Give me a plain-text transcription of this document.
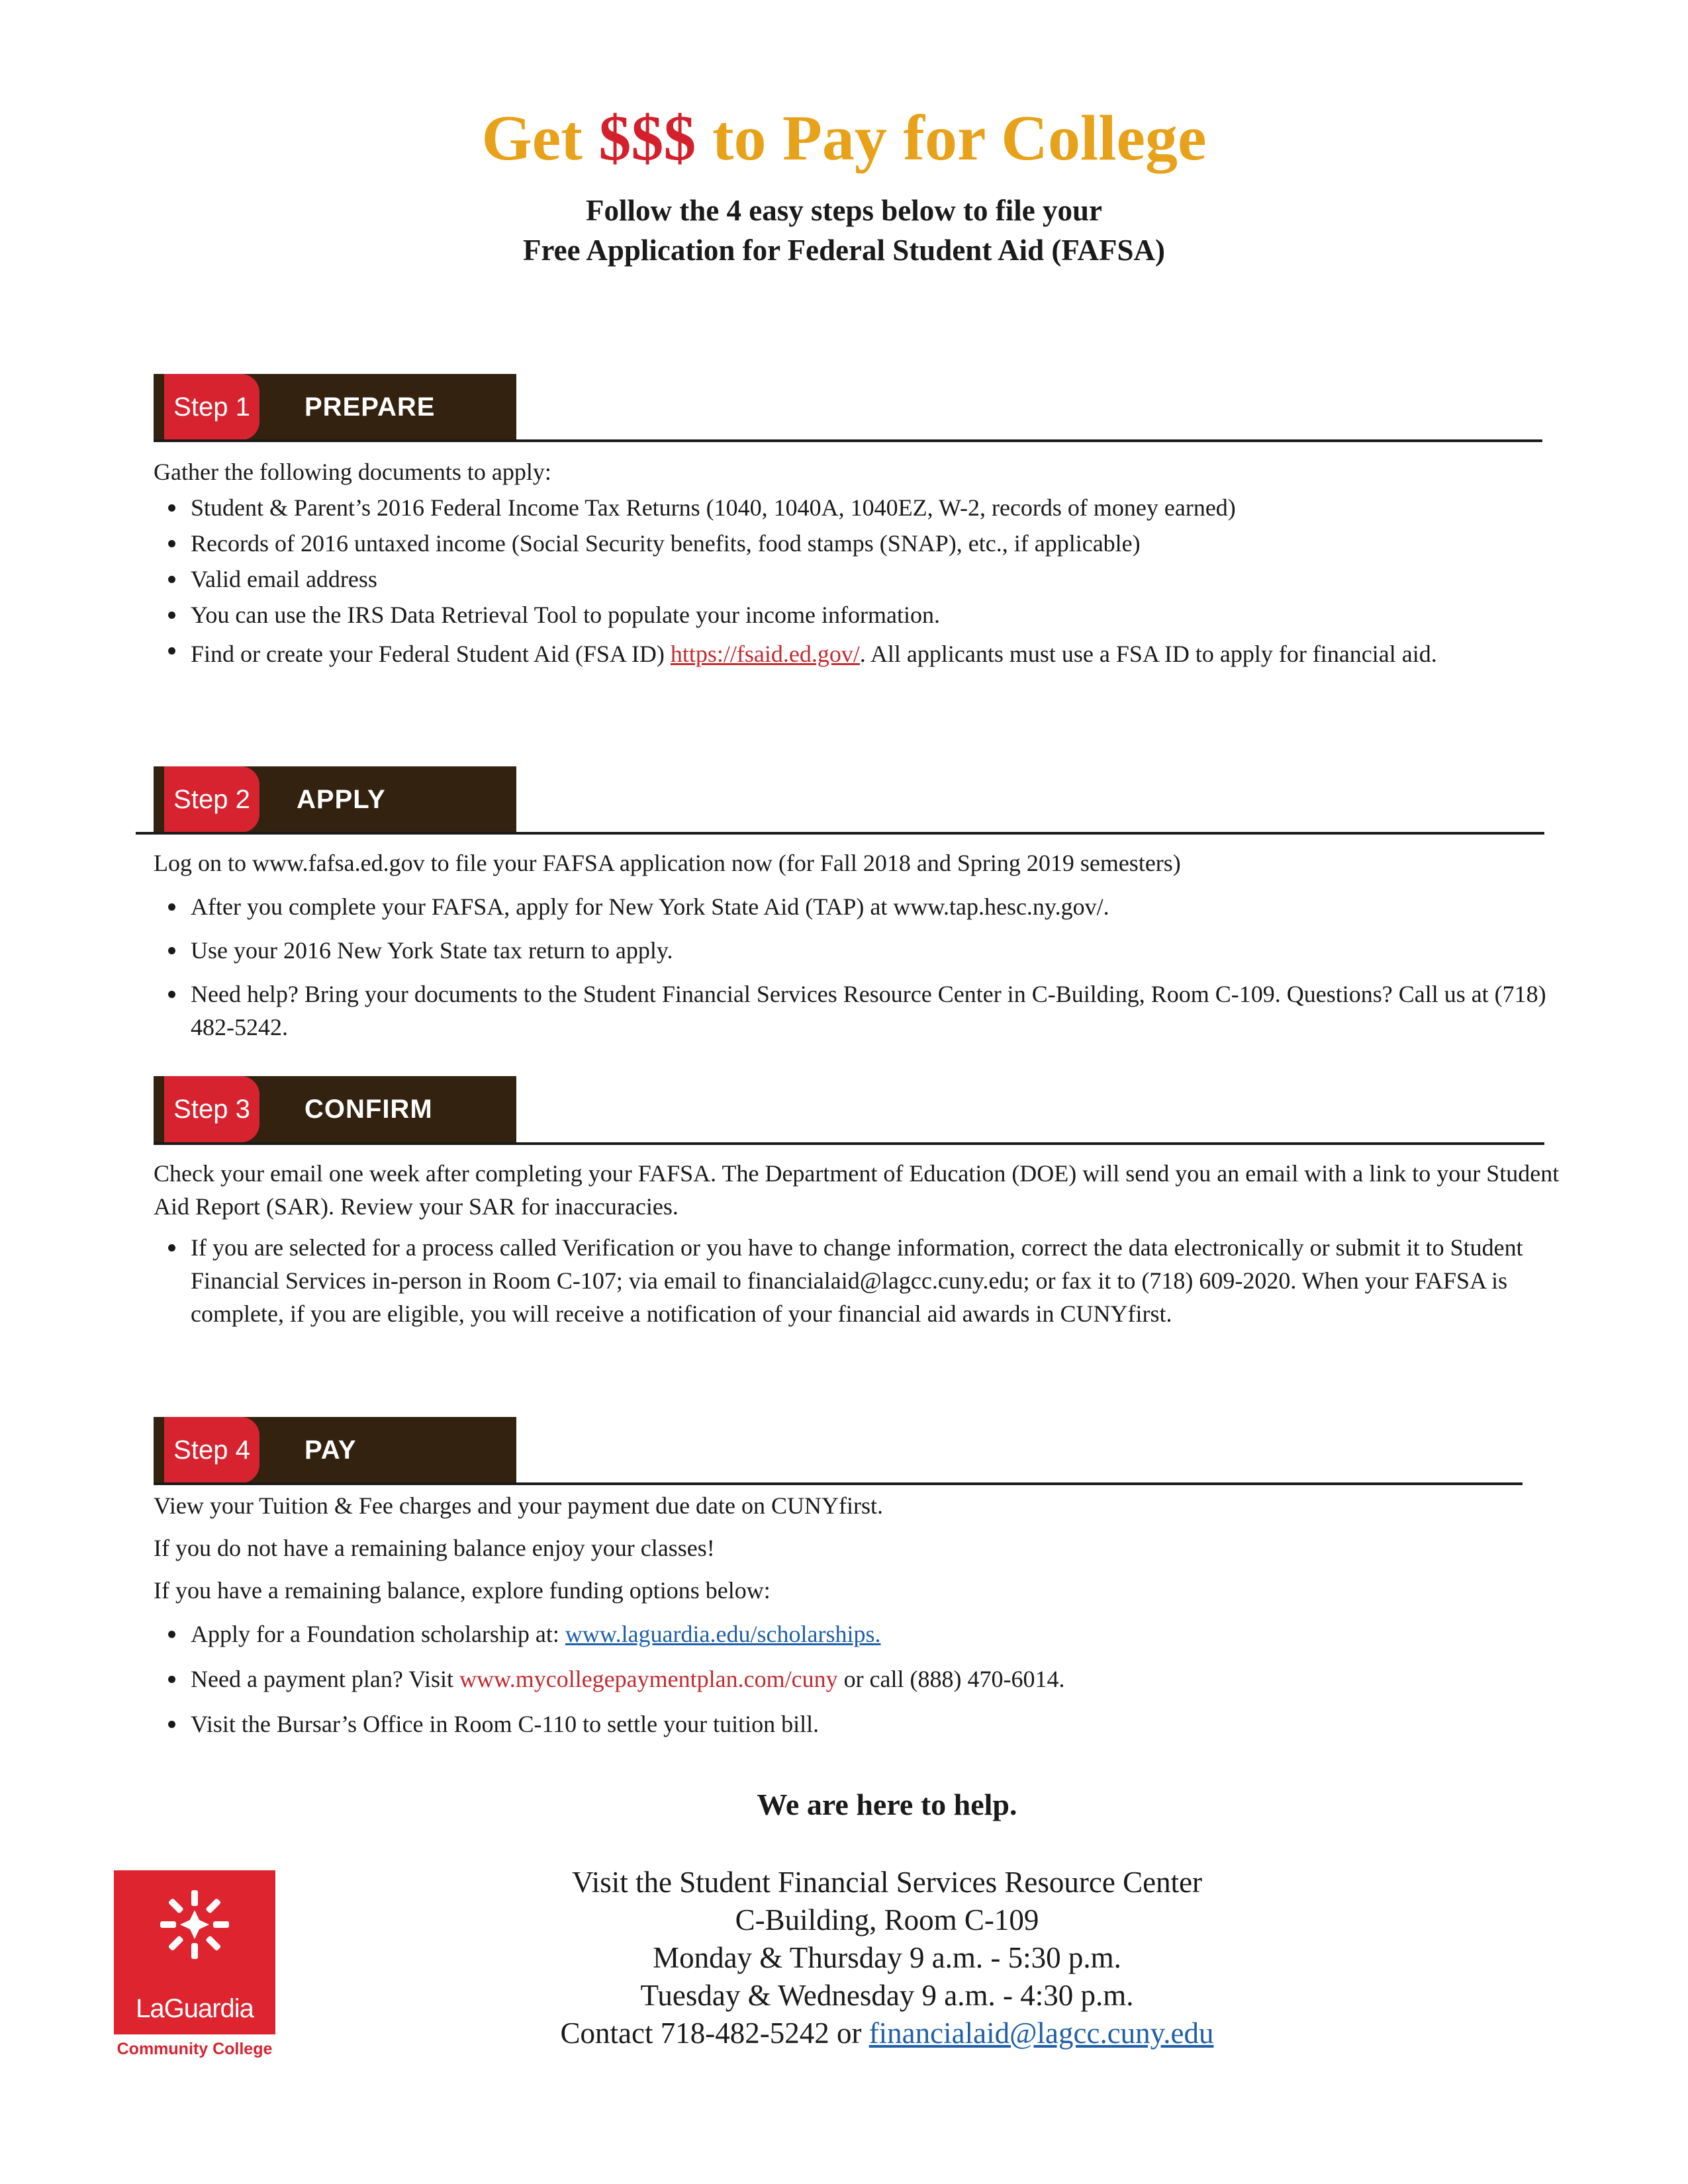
Get $$$ to Pay for College
Follow the 4 easy steps below to file your
Free Application for Federal Student Aid (FAFSA)
Step 1	PREPARE

Gather the following documents to apply:

Student & Parent’s 2016 Federal Income Tax Returns (1040, 1040A, 1040EZ, W-2, records of money earned)
Records of 2016 untaxed income (Social Security benefits, food stamps (SNAP), etc., if applicable)
Valid email address
You can use the IRS Data Retrieval Tool to populate your income information.
Find or create your Federal Student Aid (FSA ID) https://fsaid.ed.gov/. All applicants must use a FSA ID to apply for financial aid.
Step 2	APPLY

Log on to www.fafsa.ed.gov to file your FAFSA application now (for Fall 2018 and Spring 2019 semesters)

After you complete your FAFSA, apply for New York State Aid (TAP) at www.tap.hesc.ny.gov/.
Use your 2016 New York State tax return to apply.
Need help? Bring your documents to the Student Financial Services Resource Center in C-Building, Room C-109. Questions? Call us at (718) 482-5242.
Step 3	CONFIRM

Check your email one week after completing your FAFSA. The Department of Education (DOE) will send you an email with a link to your Student Aid Report (SAR). Review your SAR for inaccuracies.

If you are selected for a process called Verification or you have to change information, correct the data electronically or submit it to Student Financial Services in-person in Room C-107; via email to financialaid@lagcc.cuny.edu; or fax it to (718) 609-2020. When your FAFSA is complete, if you are eligible, you will receive a notification of your financial aid awards in CUNYfirst.
Step 4	PAY

View your Tuition & Fee charges and your payment due date on CUNYfirst.

If you do not have a remaining balance enjoy your classes!

If you have a remaining balance, explore funding options below:

Apply for a Foundation scholarship at: www.laguardia.edu/scholarships.
Need a payment plan? Visit www.mycollegepaymentplan.com/cuny or call (888) 470-6014.
Visit the Bursar’s Office in Room C-110 to settle your tuition bill.
We are here to help.

Visit the Student Financial Services Resource Center

C-Building, Room C-109

Monday & Thursday 9 a.m. - 5:30 p.m.

Tuesday & Wednesday 9 a.m. - 4:30 p.m.

Contact 718-482-5242 or financialaid@lagcc.cuny.edu

LaGuardia
Community College
